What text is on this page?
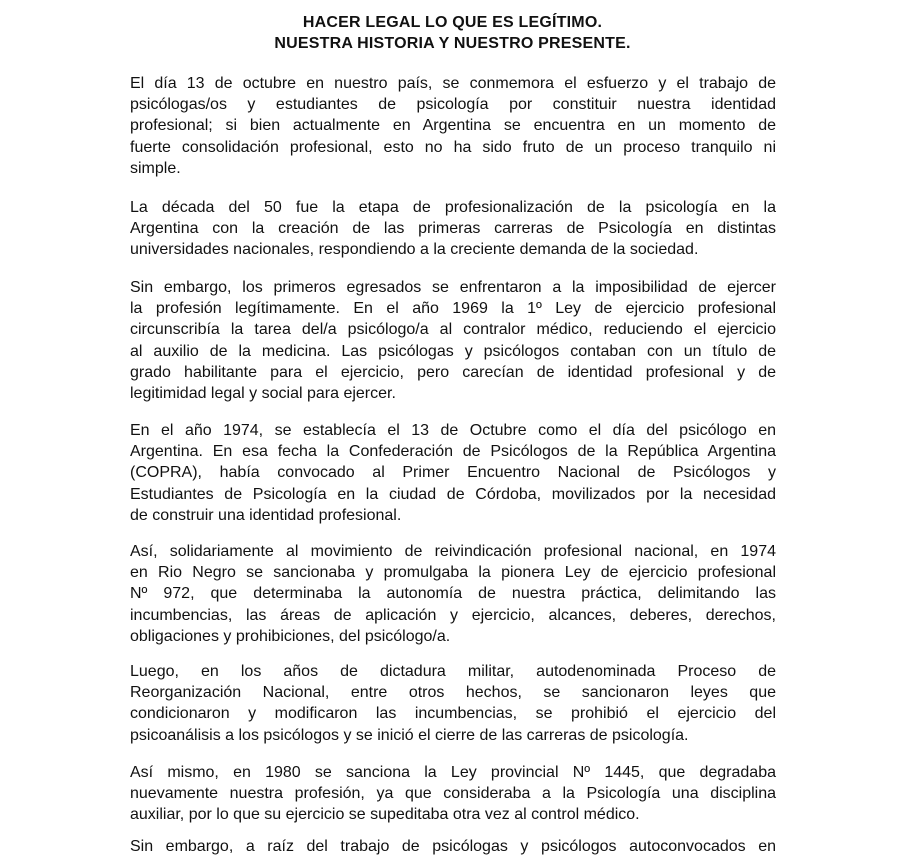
HACER LEGAL LO QUE ES LEGÍTIMO.
NUESTRA HISTORIA Y NUESTRO PRESENTE.
El día 13 de octubre en nuestro país, se conmemora el esfuerzo y el trabajo de
psicólogas/os y estudiantes de psicología por constituir nuestra identidad
profesional; si bien actualmente en Argentina se encuentra en un momento de
fuerte consolidación profesional, esto no ha sido fruto de un proceso tranquilo ni
simple.
La década del 50 fue la etapa de profesionalización de la psicología en la
Argentina con la creación de las primeras carreras de Psicología en distintas
universidades nacionales, respondiendo a la creciente demanda de la sociedad.
Sin embargo, los primeros egresados se enfrentaron a la imposibilidad de ejercer
la profesión legítimamente. En el año 1969 la 1º Ley de ejercicio profesional
circunscribía la tarea del/a psicólogo/a al contralor médico, reduciendo el ejercicio
al auxilio de la medicina. Las psicólogas y psicólogos contaban con un título de
grado habilitante para el ejercicio, pero carecían de identidad profesional y de
legitimidad legal y social para ejercer.
En el año 1974, se establecía el 13 de Octubre como el día del psicólogo en
Argentina. En esa fecha la Confederación de Psicólogos de la República Argentina
(COPRA), había convocado al Primer Encuentro Nacional de Psicólogos y
Estudiantes de Psicología en la ciudad de Córdoba, movilizados por la necesidad
de construir una identidad profesional.
Así, solidariamente al movimiento de reivindicación profesional nacional, en 1974
en Rio Negro se sancionaba y promulgaba la pionera Ley de ejercicio profesional
Nº 972, que determinaba la autonomía de nuestra práctica, delimitando las
incumbencias, las áreas de aplicación y ejercicio, alcances, deberes, derechos,
obligaciones y prohibiciones, del psicólogo/a.
Luego, en los años de dictadura militar, autodenominada Proceso de
Reorganización Nacional, entre otros hechos, se sancionaron leyes que
condicionaron y modificaron las incumbencias, se prohibió el ejercicio del
psicoanálisis a los psicólogos y se inició el cierre de las carreras de psicología.
Así mismo, en 1980 se sanciona la Ley provincial Nº 1445, que degradaba
nuevamente nuestra profesión, ya que consideraba a la Psicología una disciplina
auxiliar, por lo que su ejercicio se supeditaba otra vez al control médico.
Sin embargo, a raíz del trabajo de psicólogas y psicólogos autoconvocados en
